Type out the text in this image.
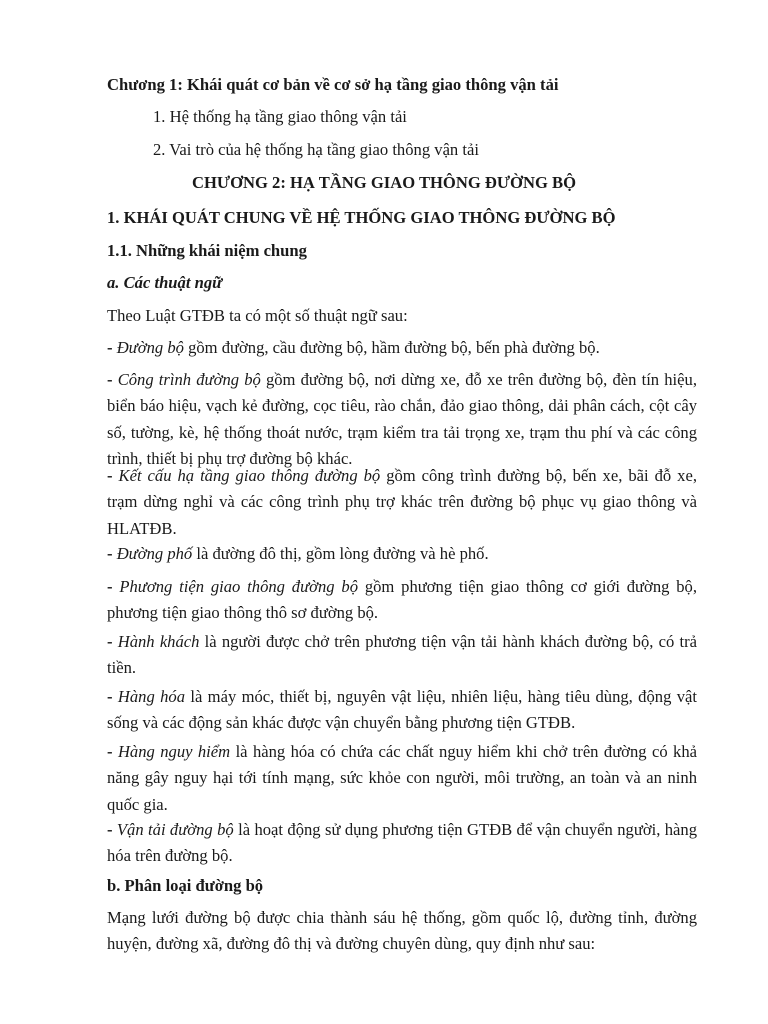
Chương 1: Khái quát cơ bản về cơ sở hạ tầng giao thông vận tải
1. Hệ thống hạ tầng giao thông vận tải
2. Vai trò của hệ thống hạ tầng giao thông vận tải
CHƯƠNG 2: HẠ TẦNG GIAO THÔNG ĐƯỜNG BỘ
1. KHÁI QUÁT CHUNG VỀ HỆ THỐNG GIAO THÔNG ĐƯỜNG BỘ
1.1. Những khái niệm chung
a. Các thuật ngữ
Theo Luật GTĐB ta có một số thuật ngữ sau:
- Đường bộ gồm đường, cầu đường bộ, hầm đường bộ, bến phà đường bộ.
- Công trình đường bộ gồm đường bộ, nơi dừng xe, đỗ xe trên đường bộ, đèn tín hiệu, biển báo hiệu, vạch kẻ đường, cọc tiêu, rào chắn, đảo giao thông, dải phân cách, cột cây số, tường, kè, hệ thống thoát nước, trạm kiểm tra tải trọng xe, trạm thu phí và các công trình, thiết bị phụ trợ đường bộ khác.
- Kết cấu hạ tầng giao thông đường bộ gồm công trình đường bộ, bến xe, bãi đỗ xe, trạm dừng nghỉ và các công trình phụ trợ khác trên đường bộ phục vụ giao thông và HLATĐB.
- Đường phố là đường đô thị, gồm lòng đường và hè phố.
- Phương tiện giao thông đường bộ gồm phương tiện giao thông cơ giới đường bộ, phương tiện giao thông thô sơ đường bộ.
- Hành khách là người được chở trên phương tiện vận tải hành khách đường bộ, có trả tiền.
- Hàng hóa là máy móc, thiết bị, nguyên vật liệu, nhiên liệu, hàng tiêu dùng, động vật sống và các động sản khác được vận chuyển bằng phương tiện GTĐB.
- Hàng nguy hiểm là hàng hóa có chứa các chất nguy hiểm khi chở trên đường có khả năng gây nguy hại tới tính mạng, sức khỏe con người, môi trường, an toàn và an ninh quốc gia.
- Vận tải đường bộ là hoạt động sử dụng phương tiện GTĐB để vận chuyển người, hàng hóa trên đường bộ.
b. Phân loại đường bộ
Mạng lưới đường bộ được chia thành sáu hệ thống, gồm quốc lộ, đường tỉnh, đường huyện, đường xã, đường đô thị và đường chuyên dùng, quy định như sau:
